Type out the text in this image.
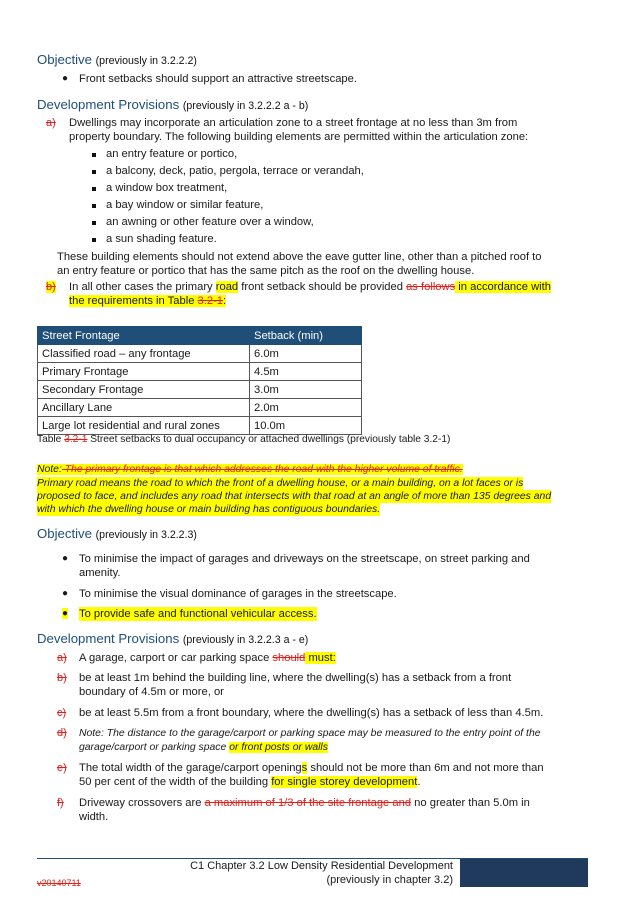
Objective (previously in 3.2.2.2)
● Front setbacks should support an attractive streetscape.
Development Provisions (previously in 3.2.2.2 a - b)
a) Dwellings may incorporate an articulation zone to a street frontage at no less than 3m from
property boundary. The following building elements are permitted within the articulation zone:
an entry feature or portico,
a balcony, deck, patio, pergola, terrace or verandah,
a window box treatment,
a bay window or similar feature,
an awning or other feature over a window,
a sun shading feature.
These building elements should not extend above the eave gutter line, other than a pitched roof to
an entry feature or portico that has the same pitch as the roof on the dwelling house.
b) In all other cases the primary road front setback should be provided as follows in accordance with
the requirements in Table 3.2-1:
Street Frontage	Setback (min)
Classified road – any frontage	6.0m
Primary Frontage	4.5m
Secondary Frontage	3.0m
Ancillary Lane	2.0m
Large lot residential and rural zones	10.0m
Table 3.2-1 Street setbacks to dual occupancy or attached dwellings (previously table 3.2-1)
Note: The primary frontage is that which addresses the road with the higher volume of traffic.
Primary road means the road to which the front of a dwelling house, or a main building, on a lot faces or is
proposed to face, and includes any road that intersects with that road at an angle of more than 135 degrees and
with which the dwelling house or main building has contiguous boundaries.
Objective (previously in 3.2.2.3)
● To minimise the impact of garages and driveways on the streetscape, on street parking and
amenity.
● To minimise the visual dominance of garages in the streetscape.
● To provide safe and functional vehicular access.
Development Provisions (previously in 3.2.2.3 a - e)
a) A garage, carport or car parking space should must:
b) be at least 1m behind the building line, where the dwelling(s) has a setback from a front
boundary of 4.5m or more, or
c) be at least 5.5m from a front boundary, where the dwelling(s) has a setback of less than 4.5m.
d) Note: The distance to the garage/carport or parking space may be measured to the entry point of the
garage/carport or parking space or front posts or walls
e) The total width of the garage/carport openings should not be more than 6m and not more than
50 per cent of the width of the building for single storey development.
f) Driveway crossovers are a maximum of 1/3 of the site frontage and no greater than 5.0m in
width.
C1 Chapter 3.2 Low Density Residential Development
(previously in chapter 3.2)
v20140711
